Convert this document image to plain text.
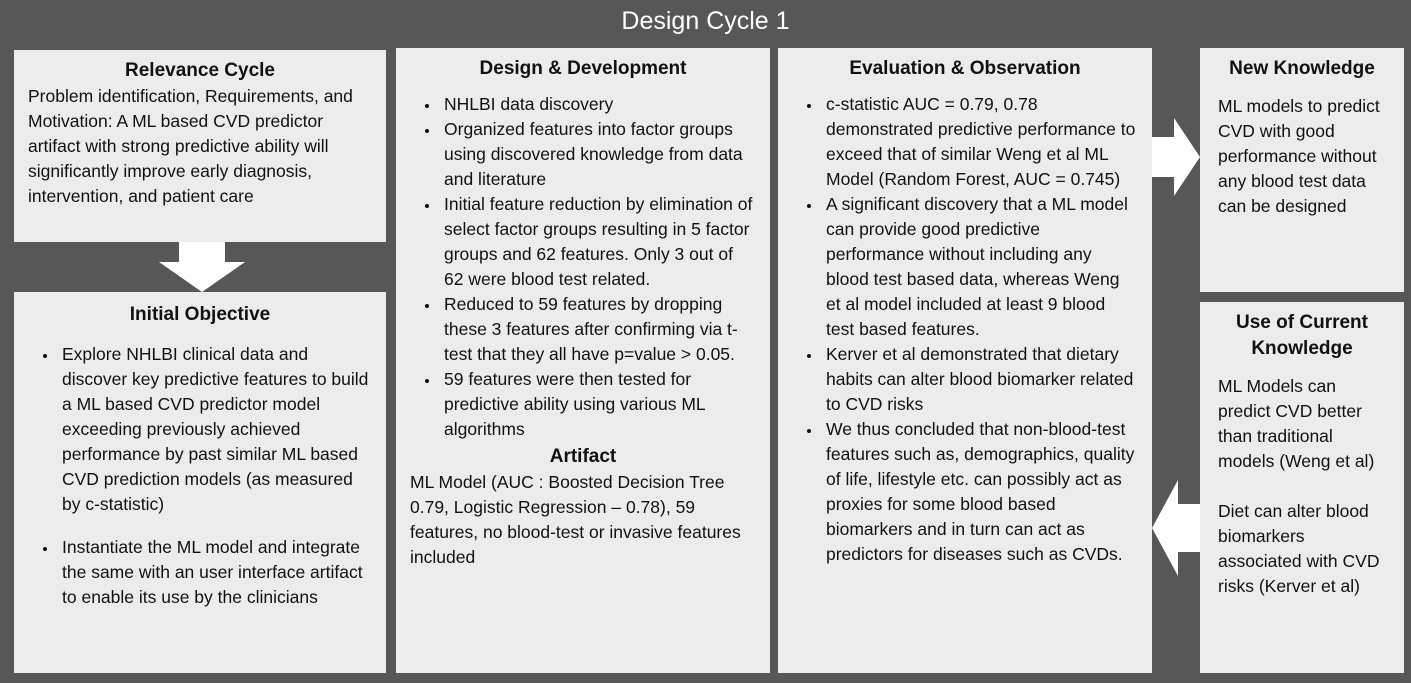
Design Cycle 1
Relevance Cycle

Problem identification, Requirements, and Motivation: A ML based CVD predictor artifact with strong predictive ability will significantly improve early diagnosis, intervention, and patient care

Initial Objective
• Explore NHLBI clinical data and discover key predictive features to build a ML based CVD predictor model exceeding previously achieved performance by past similar ML based CVD prediction models (as measured by c-statistic)
• Instantiate the ML model and integrate the same with an user interface artifact to enable its use by the clinicians
Design & Development
• NHLBI data discovery
• Organized features into factor groups using discovered knowledge from data and literature
• Initial feature reduction by elimination of select factor groups resulting in 5 factor groups and 62 features. Only 3 out of 62 were blood test related.
• Reduced to 59 features by dropping these 3 features after confirming via t-test that they all have p=value > 0.05.
• 59 features were then tested for predictive ability using various ML algorithms
Artifact

ML Model (AUC : Boosted Decision Tree 0.79, Logistic Regression – 0.78), 59 features, no blood-test or invasive features included

Evaluation & Observation
• c-statistic AUC = 0.79, 0.78 demonstrated predictive performance to exceed that of similar Weng et al ML Model (Random Forest, AUC = 0.745)
• A significant discovery that a ML model can provide good predictive performance without including any blood test based data, whereas Weng et al model included at least 9 blood test based features.
• Kerver et al demonstrated that dietary habits can alter blood biomarker related to CVD risks
• We thus concluded that non-blood-test features such as, demographics, quality of life, lifestyle etc. can possibly act as proxies for some blood based biomarkers and in turn can act as predictors for diseases such as CVDs.
New Knowledge

ML models to predict CVD with good performance without any blood test data can be designed

Use of Current Knowledge

ML Models can predict CVD better than traditional models (Weng et al)

Diet can alter blood biomarkers associated with CVD risks (Kerver et al)
